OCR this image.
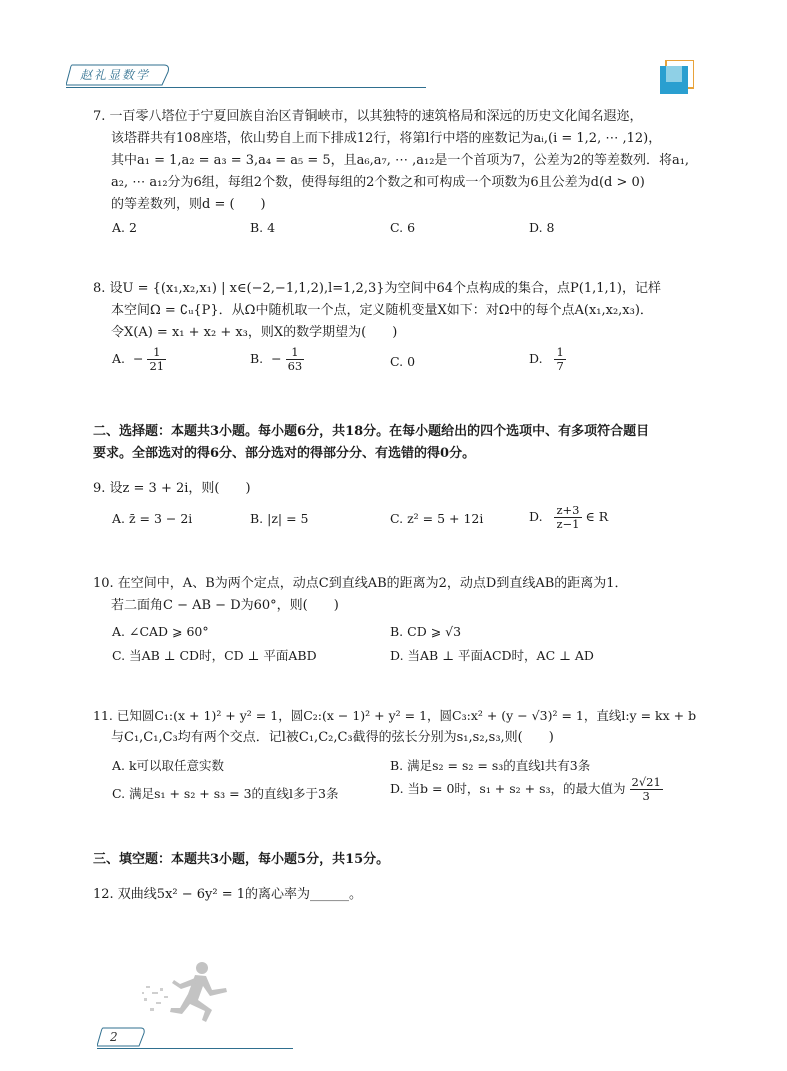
赵礼显数学
7. 一百零八塔位于宁夏回族自治区青铜峡市，以其独特的速筑格局和深远的历史文化闻名遐迩，
该塔群共有108座塔，依山势自上而下排成12行，将第l行中塔的座数记为aᵢ,(i = 1,2, ⋯ ,12)，
其中a₁ = 1,a₂ = a₃ = 3,a₄ = a₅ = 5，且a₆,a₇, ⋯ ,a₁₂是一个首项为7，公差为2的等差数列．将a₁,
a₂, ⋯ a₁₂分为6组，每组2个数，使得每组的2个数之和可构成一个项数为6且公差为d(d > 0)
的等差数列，则d = (　　)
A. 2	B. 4	C. 6	D. 8
8. 设U = {(x₁,x₂,x₁) | x∈(−2,−1,1,2),l=1,2,3}为空间中64个点构成的集合，点P(1,1,1)，记样
本空间Ω = ∁ᵤ{P}．从Ω中随机取一个点，定义随机变量X如下：对Ω中的每个点A(x₁,x₂,x₃)．
令X(A) = x₁ + x₂ + x₃，则X的数学期望为(　　)
A. − $\frac{1}{21}$	B. − $\frac{1}{63}$	C. 0	D. $\frac{1}{7}$
二、选择题：本题共3小题。每小题6分，共18分。在每小题给出的四个选项中、有多项符合题目
要求。全部选对的得6分、部分选对的得部分分、有选错的得0分。
9. 设z = 3 + 2i，则(　　)
A. z̄ = 3 − 2i	B. |z| = 5	C. z² = 5 + 12i	D. $\frac{z+3}{z-1}$ ∈ R
10. 在空间中，A、B为两个定点，动点C到直线AB的距离为2，动点D到直线AB的距离为1．
若二面角C − AB − D为60°，则(　　)
A. ∠CAD ⩾ 60°	B. CD ⩾ √3
C. 当AB ⊥ CD时，CD ⊥ 平面ABD	D. 当AB ⊥ 平面ACD时，AC ⊥ AD
11. 已知圆C₁:(x + 1)² + y² = 1，圆C₂:(x − 1)² + y² = 1，圆C₃:x² + (y − √3)² = 1，直线l:y = kx + b
与C₁,C₁,C₃均有两个交点．记l被C₁,C₂,C₃截得的弦长分别为s₁,s₂,s₃,则(　　)
A. k可以取任意实数	B. 满足s₂ = s₂ = s₃的直线l共有3条
C. 满足s₁ + s₂ + s₃ = 3的直线l多于3条	D. 当b = 0时，s₁ + s₂ + s₃，的最大值为 $\frac{2√21}{3}$
三、填空题：本题共3小题，每小题5分，共15分。
12. 双曲线5x² − 6y² = 1的离心率为______。
2
